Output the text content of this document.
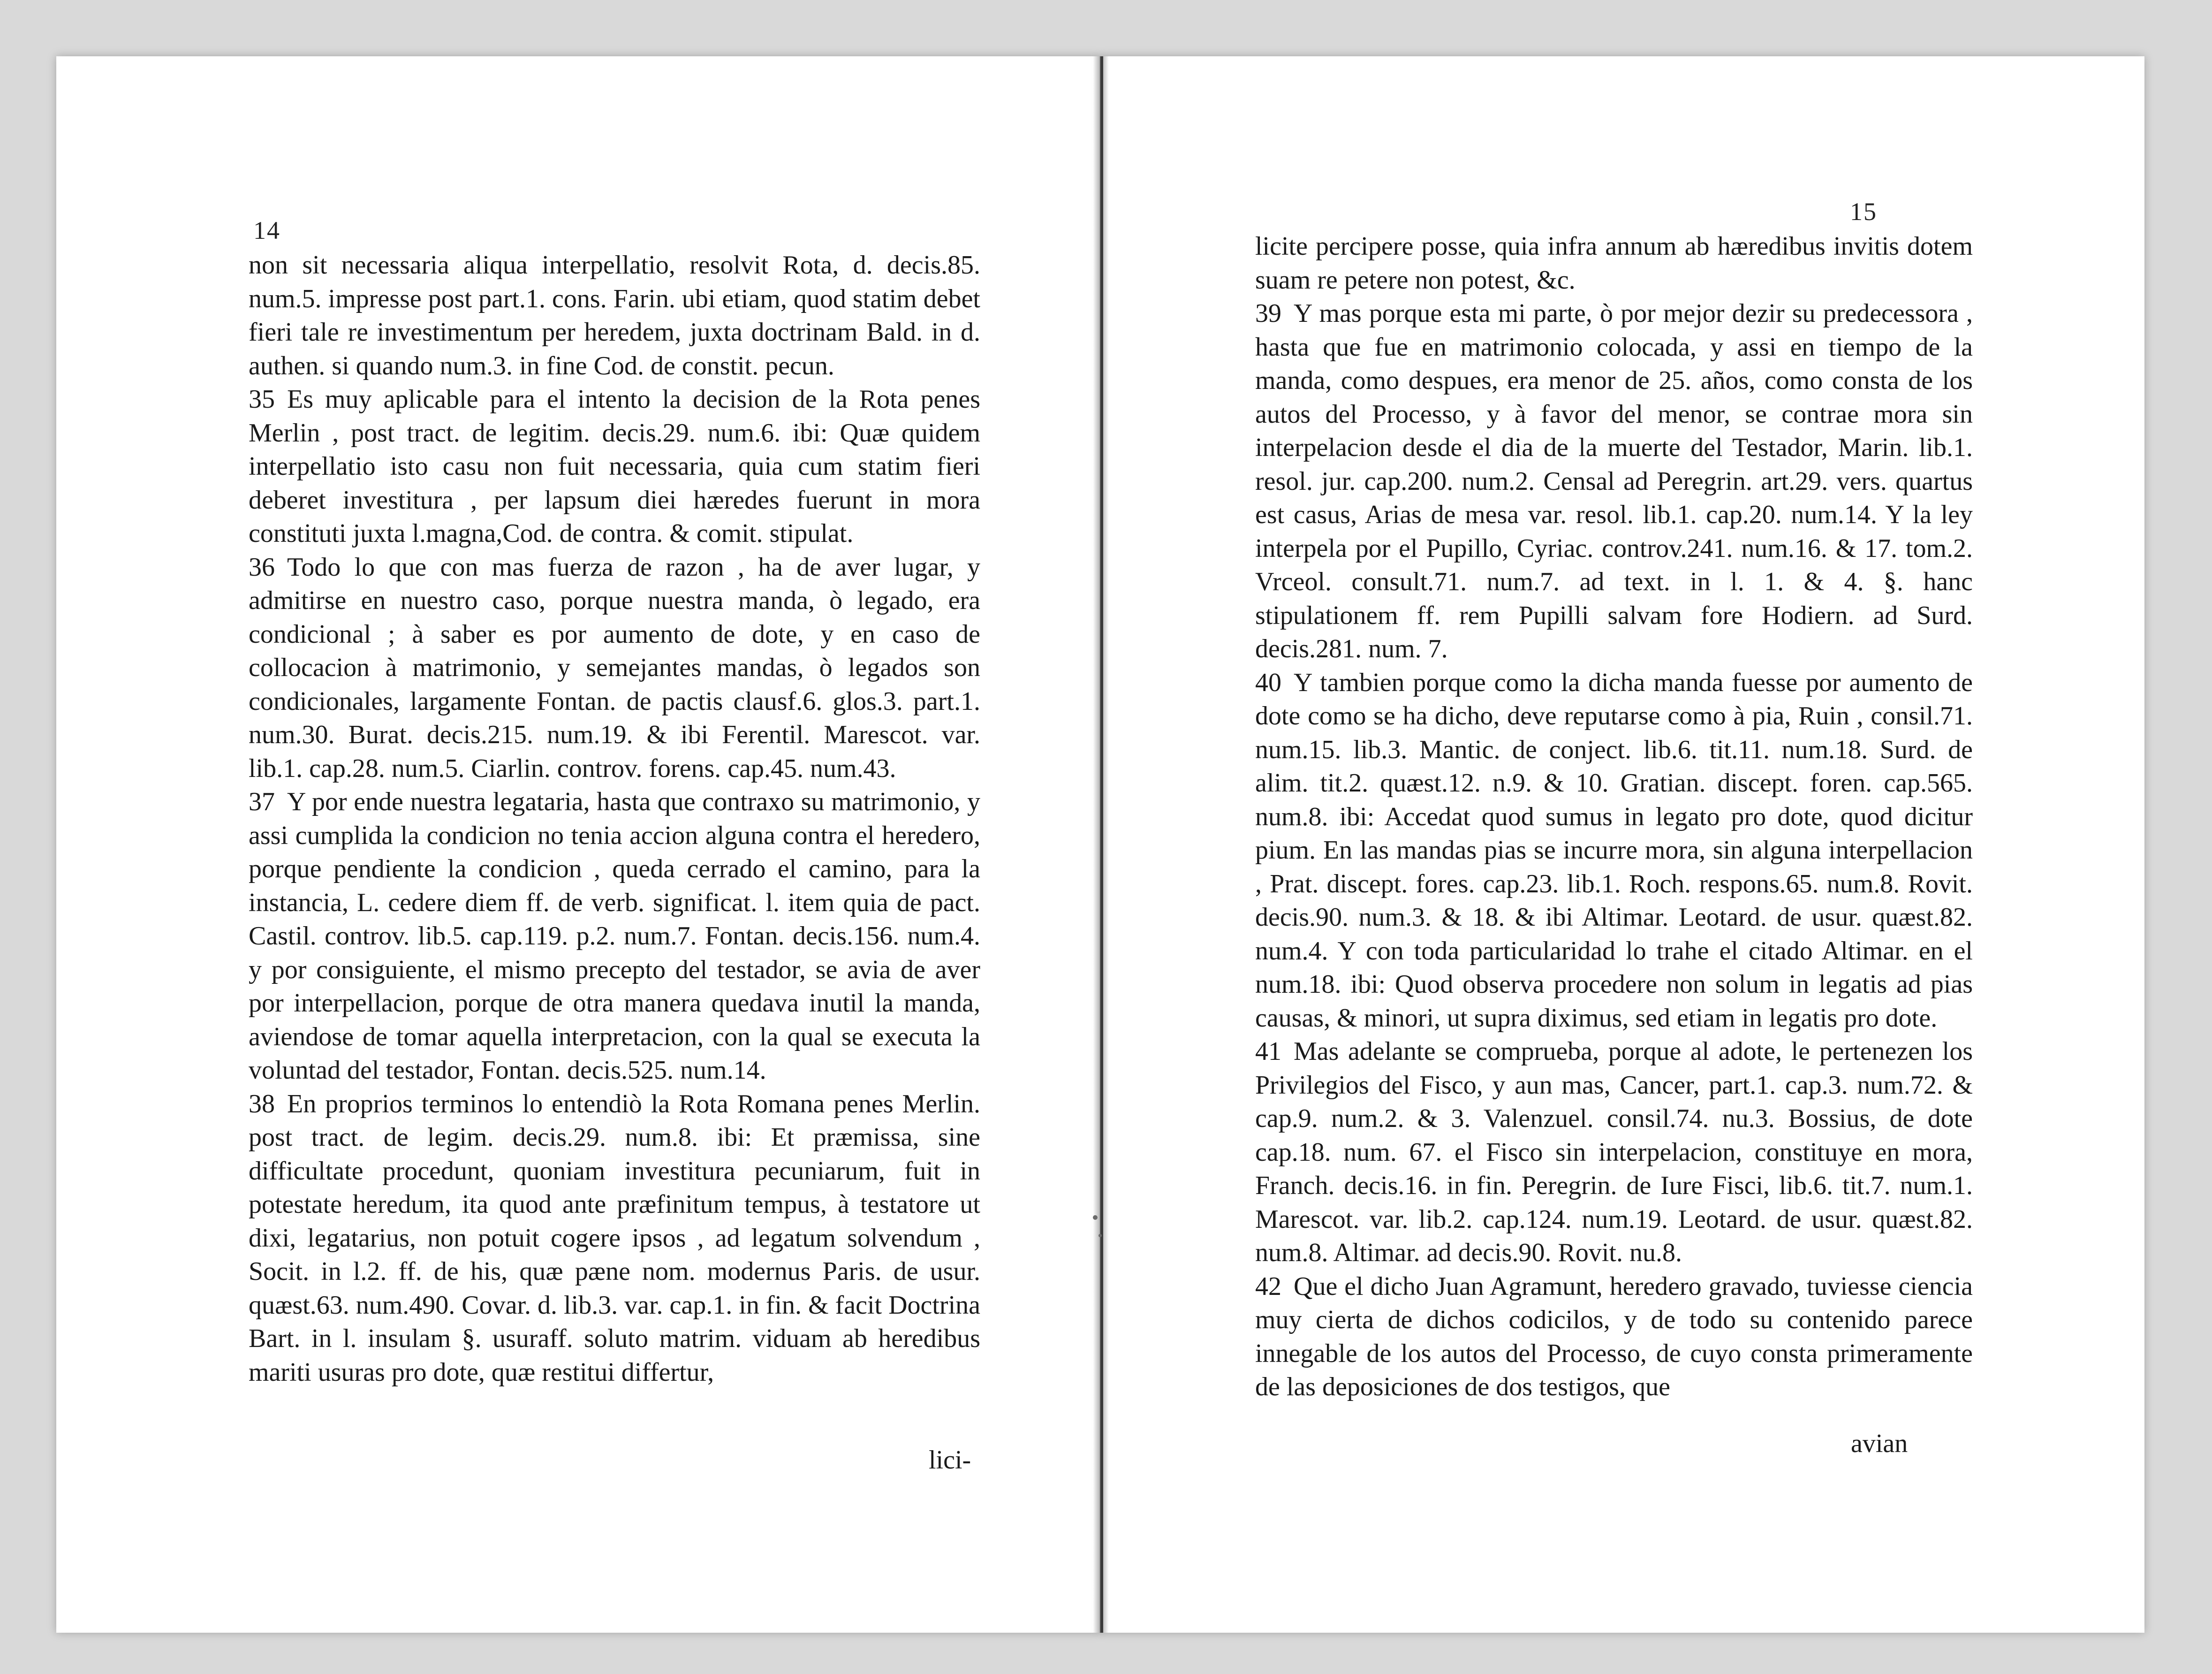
14

non sit necessaria aliqua interpellatio, resolvit Rota, d. decis.85. num.5. impresse post part.1. cons. Farin. ubi etiam, quod statim debet fieri tale re investimentum per heredem, juxta doctrinam Bald. in d. authen. si quando num.3. in fine Cod. de constit. pecun.

35 Es muy aplicable para el intento la decision de la Rota penes Merlin , post tract. de legitim. decis.29. num.6. ibi: Quæ quidem interpellatio isto casu non fuit necessaria, quia cum statim fieri deberet investitura , per lapsum diei hæredes fuerunt in mora constituti juxta l.magna,Cod. de contra. & comit. stipulat.

36 Todo lo que con mas fuerza de razon , ha de aver lugar, y admitirse en nuestro caso, porque nuestra manda, ò legado, era condicional ; à saber es por aumento de dote, y en caso de collocacion à matrimonio, y semejantes mandas, ò legados son condicionales, largamente Fontan. de pactis clausf.6. glos.3. part.1. num.30. Burat. decis.215. num.19. & ibi Ferentil. Marescot. var. lib.1. cap.28. num.5. Ciarlin. controv. forens. cap.45. num.43.

37 Y por ende nuestra legataria, hasta que contraxo su matrimonio, y assi cumplida la condicion no tenia accion alguna contra el heredero, porque pendiente la condicion , queda cerrado el camino, para la instancia, L. cedere diem ff. de verb. significat. l. item quia de pact. Castil. controv. lib.5. cap.119. p.2. num.7. Fontan. decis.156. num.4. y por consiguiente, el mismo precepto del testador, se avia de aver por interpellacion, porque de otra manera quedava inutil la manda, aviendose de tomar aquella interpretacion, con la qual se executa la voluntad del testador, Fontan. decis.525. num.14.

38 En proprios terminos lo entendiò la Rota Romana penes Merlin. post tract. de legim. decis.29. num.8. ibi: Et præmissa, sine difficultate procedunt, quoniam investitura pecuniarum, fuit in potestate heredum, ita quod ante præfinitum tempus, à testatore ut dixi, legatarius, non potuit cogere ipsos , ad legatum solvendum , Socit. in l.2. ff. de his, quæ pæne nom. modernus Paris. de usur. quæst.63. num.490. Covar. d. lib.3. var. cap.1. in fin. & facit Doctrina Bart. in l. insulam §. usuraff. soluto matrim. viduam ab heredibus mariti usuras pro dote, quæ restitui differtur,

lici-
15

licite percipere posse, quia infra annum ab hæredibus invitis dotem suam re petere non potest, &c.

39 Y mas porque esta mi parte, ò por mejor dezir su predecessora , hasta que fue en matrimonio colocada, y assi en tiempo de la manda, como despues, era menor de 25. años, como consta de los autos del Processo, y à favor del menor, se contrae mora sin interpelacion desde el dia de la muerte del Testador, Marin. lib.1. resol. jur. cap.200. num.2. Censal ad Peregrin. art.29. vers. quartus est casus, Arias de mesa var. resol. lib.1. cap.20. num.14. Y la ley interpela por el Pupillo, Cyriac. controv.241. num.16. & 17. tom.2. Vrceol. consult.71. num.7. ad text. in l. 1. & 4. §. hanc stipulationem ff. rem Pupilli salvam fore Hodiern. ad Surd. decis.281. num. 7.

40 Y tambien porque como la dicha manda fuesse por aumento de dote como se ha dicho, deve reputarse como à pia, Ruin , consil.71. num.15. lib.3. Mantic. de conject. lib.6. tit.11. num.18. Surd. de alim. tit.2. quæst.12. n.9. & 10. Gratian. discept. foren. cap.565. num.8. ibi: Accedat quod sumus in legato pro dote, quod dicitur pium. En las mandas pias se incurre mora, sin alguna interpellacion , Prat. discept. fores. cap.23. lib.1. Roch. respons.65. num.8. Rovit. decis.90. num.3. & 18. & ibi Altimar. Leotard. de usur. quæst.82. num.4. Y con toda particularidad lo trahe el citado Altimar. en el num.18. ibi: Quod observa procedere non solum in legatis ad pias causas, & minori, ut supra diximus, sed etiam in legatis pro dote.

41 Mas adelante se comprueba, porque al adote, le pertenezen los Privilegios del Fisco, y aun mas, Cancer, part.1. cap.3. num.72. & cap.9. num.2. & 3. Valenzuel. consil.74. nu.3. Bossius, de dote cap.18. num. 67. el Fisco sin interpelacion, constituye en mora, Franch. decis.16. in fin. Peregrin. de Iure Fisci, lib.6. tit.7. num.1. Marescot. var. lib.2. cap.124. num.19. Leotard. de usur. quæst.82. num.8. Altimar. ad decis.90. Rovit. nu.8.

42 Que el dicho Juan Agramunt, heredero gravado, tuviesse ciencia muy cierta de dichos codicilos, y de todo su contenido parece innegable de los autos del Processo, de cuyo consta primeramente de las deposiciones de dos testigos, que

avian
